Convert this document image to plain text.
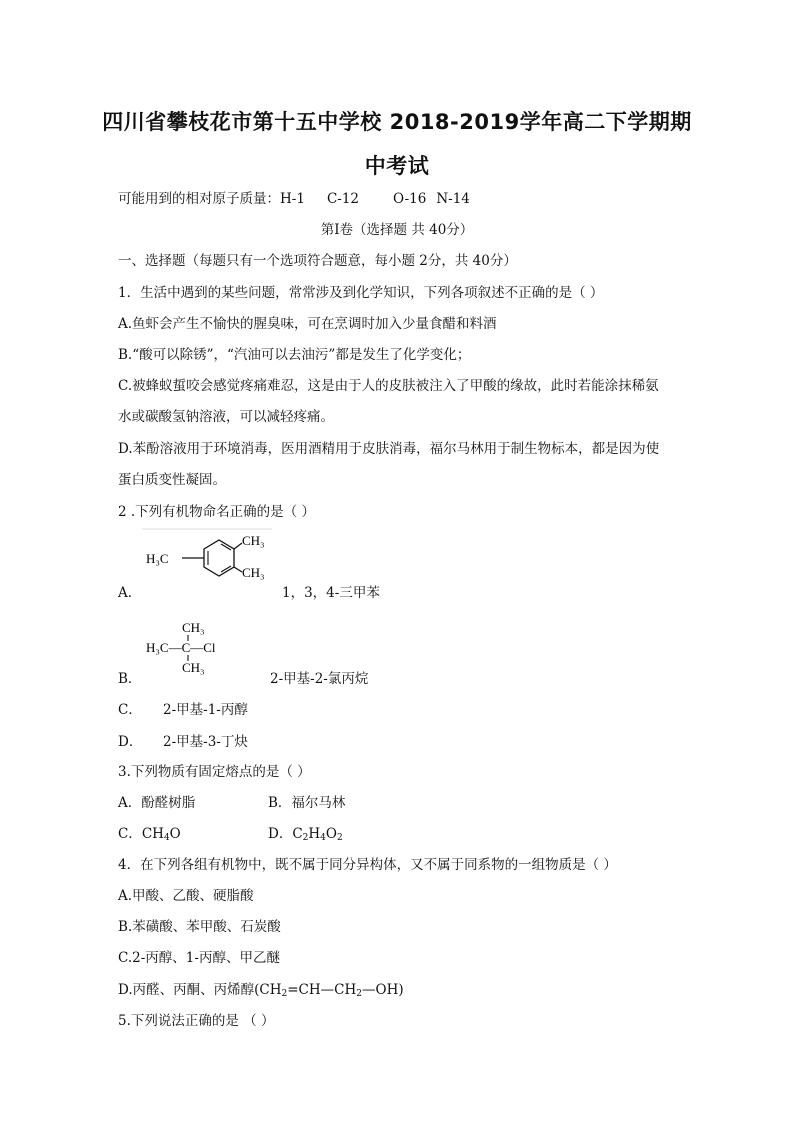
四川省攀枝花市第十五中学校 2018-2019学年高二下学期期
中考试
可能用到的相对原子质量：H-1 C-12	O-16 N-14
第Ⅰ卷（选择题 共 40分）
一、选择题（每题只有一个选项符合题意，每小题 2分，共 40分）
1．生活中遇到的某些问题，常常涉及到化学知识，下列各项叙述不正确的是（ ）
A.鱼虾会产生不愉快的腥臭味，可在烹调时加入少量食醋和料酒
B.“酸可以除锈”，“汽油可以去油污”都是发生了化学变化；
C.被蜂蚁蜇咬会感觉疼痛难忍，这是由于人的皮肤被注入了甲酸的缘故，此时若能涂抹稀氨
水或碳酸氢钠溶液，可以减轻疼痛。
D.苯酚溶液用于环境消毒，医用酒精用于皮肤消毒，福尔马林用于制生物标本，都是因为使
蛋白质变性凝固。
2 .下列有机物命名正确的是（ ）
H₃C
CH₃
CH₃
A．	1，3，4-三甲苯
CH₃
H₃C—C—Cl
CH₃
B．	2-甲基-2-氯丙烷
C． 2-甲基-1-丙醇
D． 2-甲基-3-丁炔
3.下列物质有固定熔点的是（ ）
A．酚醛树脂	B．福尔马林
C．$CH_4O$	D．$C_2H_4O_2$
4．在下列各组有机物中，既不属于同分异构体，又不属于同系物的一组物质是（ ）
A.甲酸、乙酸、硬脂酸
B.苯磺酸、苯甲酸、石炭酸
C.2-丙醇、1-丙醇、甲乙醚
D.丙醛、丙酮、丙烯醇$(CH_2=CH—CH_2—OH)$
5.下列说法正确的是 （ ）
